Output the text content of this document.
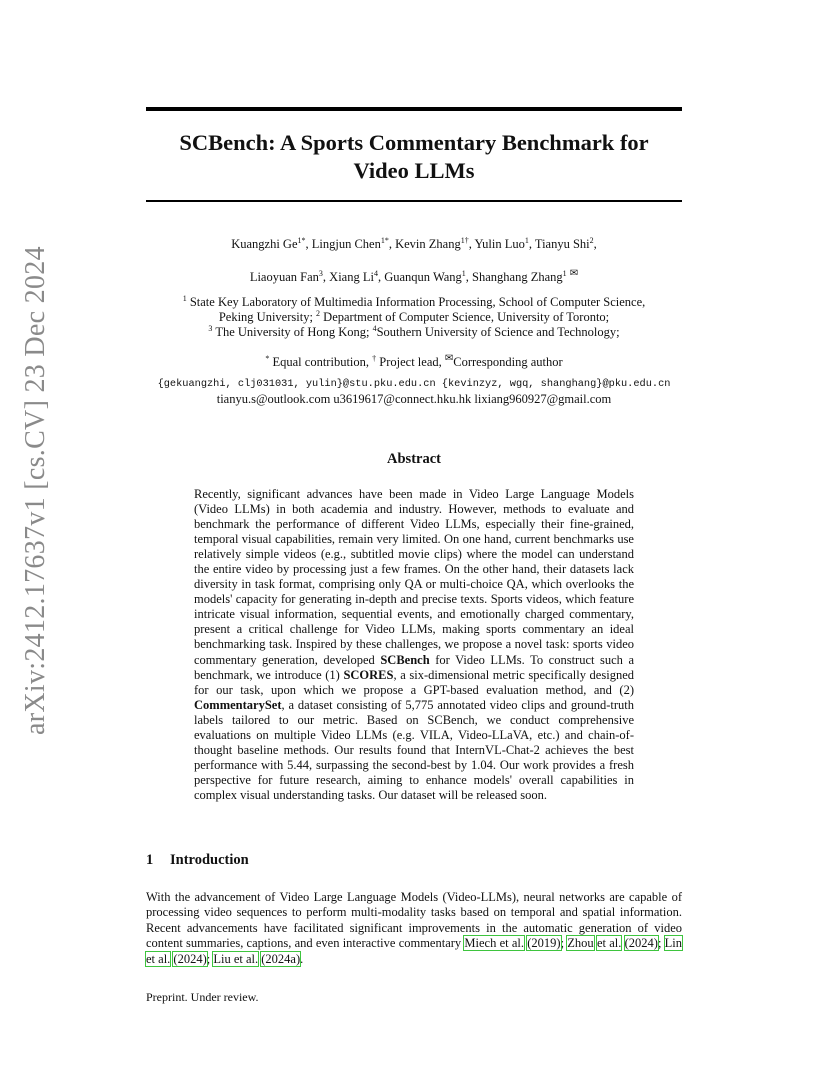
arXiv:2412.17637v1 [cs.CV] 23 Dec 2024
SCBench: A Sports Commentary Benchmark for
Video LLMs
Kuangzhi $Ge^{1*}$, Lingjun Chen$^{1*}$, Kevin Zhang$^{1\dagger}$, Yulin Luo$^1$, Tianyu Shi$^2$,
Liaoyuan Fan$^3$, Xiang Li$^4$, Guanqun Wang$^1$, Shanghang Zhang$^1$ ✉
$^1$ State Key Laboratory of Multimedia Information Processing, School of Computer Science,
Peking University; $^2$ Department of Computer Science, University of Toronto;
$^3$ The University of Hong Kong; $^4$Southern University of Science and Technology;
* Equal contribution, † Project lead, ✉Corresponding author
{gekuangzhi, clj031031, yulin}@stu.pku.edu.cn {kevinzyz, wgq, shanghang}@pku.edu.cn
tianyu.s@outlook.com u3619617@connect.hku.hk lixiang960927@gmail.com
Abstract
Recently, significant advances have been made in Video Large Language Models (Video LLMs) in both academia and industry. However, methods to evaluate and benchmark the performance of different Video LLMs, especially their fine-grained, temporal visual capabilities, remain very limited. On one hand, current benchmarks use relatively simple videos (e.g., subtitled movie clips) where the model can understand the entire video by processing just a few frames. On the other hand, their datasets lack diversity in task format, comprising only QA or multi-choice QA, which overlooks the models' capacity for generating in-depth and precise texts. Sports videos, which feature intricate visual information, sequential events, and emotionally charged commentary, present a critical challenge for Video LLMs, making sports commentary an ideal benchmarking task. Inspired by these challenges, we propose a novel task: sports video commentary generation, developed SCBench for Video LLMs. To construct such a benchmark, we introduce (1) SCORES, a six-dimensional metric specifically designed for our task, upon which we propose a GPT-based evaluation method, and (2) CommentarySet, a dataset consisting of 5,775 annotated video clips and ground-truth labels tailored to our metric. Based on SCBench, we conduct comprehensive evaluations on multiple Video LLMs (e.g. VILA, Video-LLaVA, etc.) and chain-of-thought baseline methods. Our results found that InternVL-Chat-2 achieves the best performance with 5.44, surpassing the second-best by 1.04. Our work provides a fresh perspective for future research, aiming to enhance models' overall capabilities in complex visual understanding tasks. Our dataset will be released soon.
1 Introduction
With the advancement of Video Large Language Models (Video-LLMs), neural networks are capable of processing video sequences to perform multi-modality tasks based on temporal and spatial information. Recent advancements have facilitated significant improvements in the automatic generation of video content summaries, captions, and even interactive commentary Miech et al. (2019); Zhou et al. (2024); Lin et al. (2024); Liu et al. (2024a).
Preprint. Under review.
